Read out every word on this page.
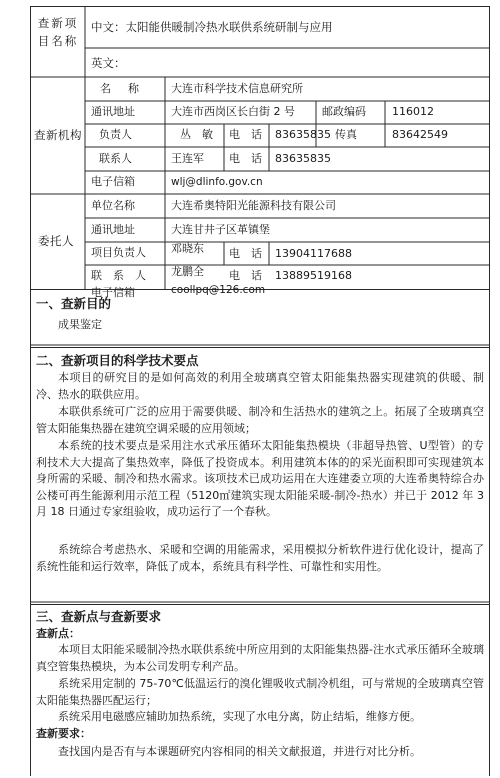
查新项目名称
中文：太阳能供暖制冷热水联供系统研制与应用
英文：
查新机构
名　称	大连市科学技术信息研究所
通讯地址	大连市西岗区长白街 2 号 邮政编码 116012
负责人	丛　敏 电　话 83635835 传真	83642549
联系人	王连军 电　话 83635835
电子信箱	wlj@dlinfo.gov.cn
委托人
单位名称	大连希奥特阳光能源科技有限公司
通讯地址	大连甘井子区革镇堡
项目负责人 邓晓东 电　话 13904117688
联　系　人 龙鹏全 电　话 13889519168
电子信箱	coollpq@126.com
一、查新目的
成果鉴定
二、查新项目的科学技术要点

本项目的研究目的是如何高效的利用全玻璃真空管太阳能集热器实现建筑的供暖、制冷、热水的联供应用。

本联供系统可广泛的应用于需要供暖、制冷和生活热水的建筑之上。拓展了全玻璃真空管太阳能集热器在建筑空调采暖的应用领域；

本系统的技术要点是采用注水式承压循环太阳能集热模块（非超导热管、U型管）的专利技术大大提高了集热效率，降低了投资成本。利用建筑本体的的采光面积即可实现建筑本身所需的采暖、制冷和热水需求。该项技术已成功运用在大连建委立项的大连希奥特综合办公楼可再生能源利用示范工程（5120㎡建筑实现太阳能采暖-制冷-热水）并已于 2012 年 3 月 18 日通过专家组验收，成功运行了一个春秋。

系统综合考虑热水、采暖和空调的用能需求，采用模拟分析软件进行优化设计，提高了系统性能和运行效率，降低了成本，系统具有科学性、可靠性和实用性。

三、查新点与查新要求
查新点：

本项目太阳能采暖制冷热水联供系统中所应用到的太阳能集热器-注水式承压循环全玻璃真空管集热模块，为本公司发明专利产品。

系统采用定制的 75-70℃低温运行的溴化锂吸收式制冷机组，可与常规的全玻璃真空管太阳能集热器匹配运行；

系统采用电磁感应辅助加热系统，实现了水电分离，防止结垢，维修方便。

查新要求：

查找国内是否有与本课题研究内容相同的相关文献报道，并进行对比分析。
